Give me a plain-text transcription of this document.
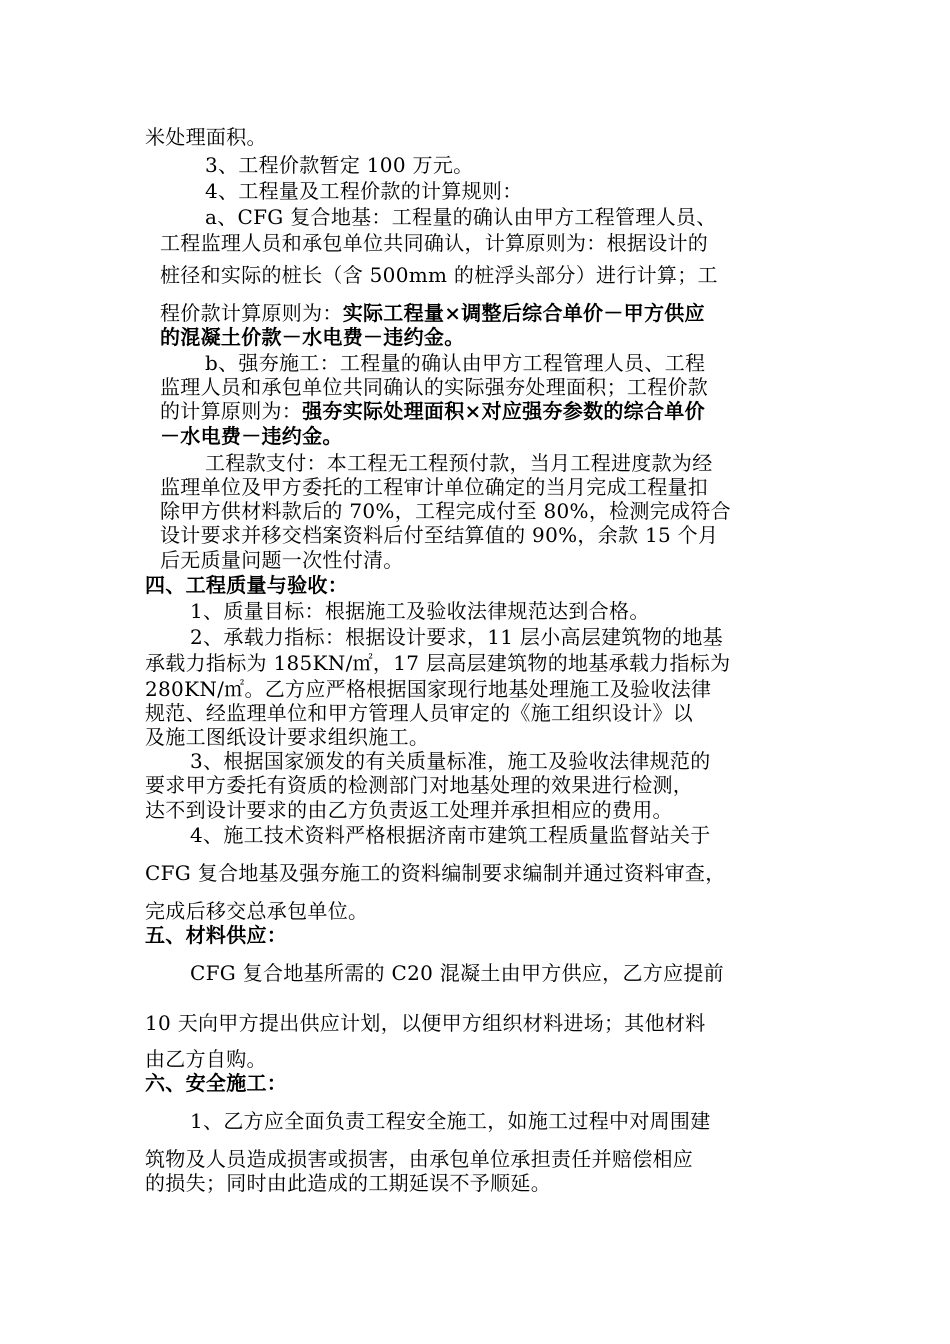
米处理面积。
3、工程价款暂定 100 万元。
4、工程量及工程价款的计算规则：
a、CFG 复合地基：工程量的确认由甲方工程管理人员、
工程监理人员和承包单位共同确认，计算原则为：根据设计的
桩径和实际的桩长（含 500mm 的桩浮头部分）进行计算；工
程价款计算原则为：实际工程量×调整后综合单价－甲方供应
的混凝土价款－水电费－违约金。
b、强夯施工：工程量的确认由甲方工程管理人员、工程
监理人员和承包单位共同确认的实际强夯处理面积；工程价款
的计算原则为：强夯实际处理面积×对应强夯参数的综合单价
－水电费－违约金。
工程款支付：本工程无工程预付款，当月工程进度款为经
监理单位及甲方委托的工程审计单位确定的当月完成工程量扣
除甲方供材料款后的 70%，工程完成付至 80%，检测完成符合
设计要求并移交档案资料后付至结算值的 90%，余款 15 个月
后无质量问题一次性付清。
四、工程质量与验收：
1、质量目标：根据施工及验收法律规范达到合格。
2、承载力指标：根据设计要求，11 层小高层建筑物的地基
承载力指标为 185KN/㎡，17 层高层建筑物的地基承载力指标为
280KN/㎡。乙方应严格根据国家现行地基处理施工及验收法律
规范、经监理单位和甲方管理人员审定的《施工组织设计》以
及施工图纸设计要求组织施工。
3、根据国家颁发的有关质量标准，施工及验收法律规范的
要求甲方委托有资质的检测部门对地基处理的效果进行检测，
达不到设计要求的由乙方负责返工处理并承担相应的费用。
4、施工技术资料严格根据济南市建筑工程质量监督站关于
CFG 复合地基及强夯施工的资料编制要求编制并通过资料审查，
完成后移交总承包单位。
五、材料供应：
CFG 复合地基所需的 C20 混凝土由甲方供应，乙方应提前
10 天向甲方提出供应计划，以便甲方组织材料进场；其他材料
由乙方自购。
六、安全施工：
1、乙方应全面负责工程安全施工，如施工过程中对周围建
筑物及人员造成损害或损害，由承包单位承担责任并赔偿相应
的损失；同时由此造成的工期延误不予顺延。
